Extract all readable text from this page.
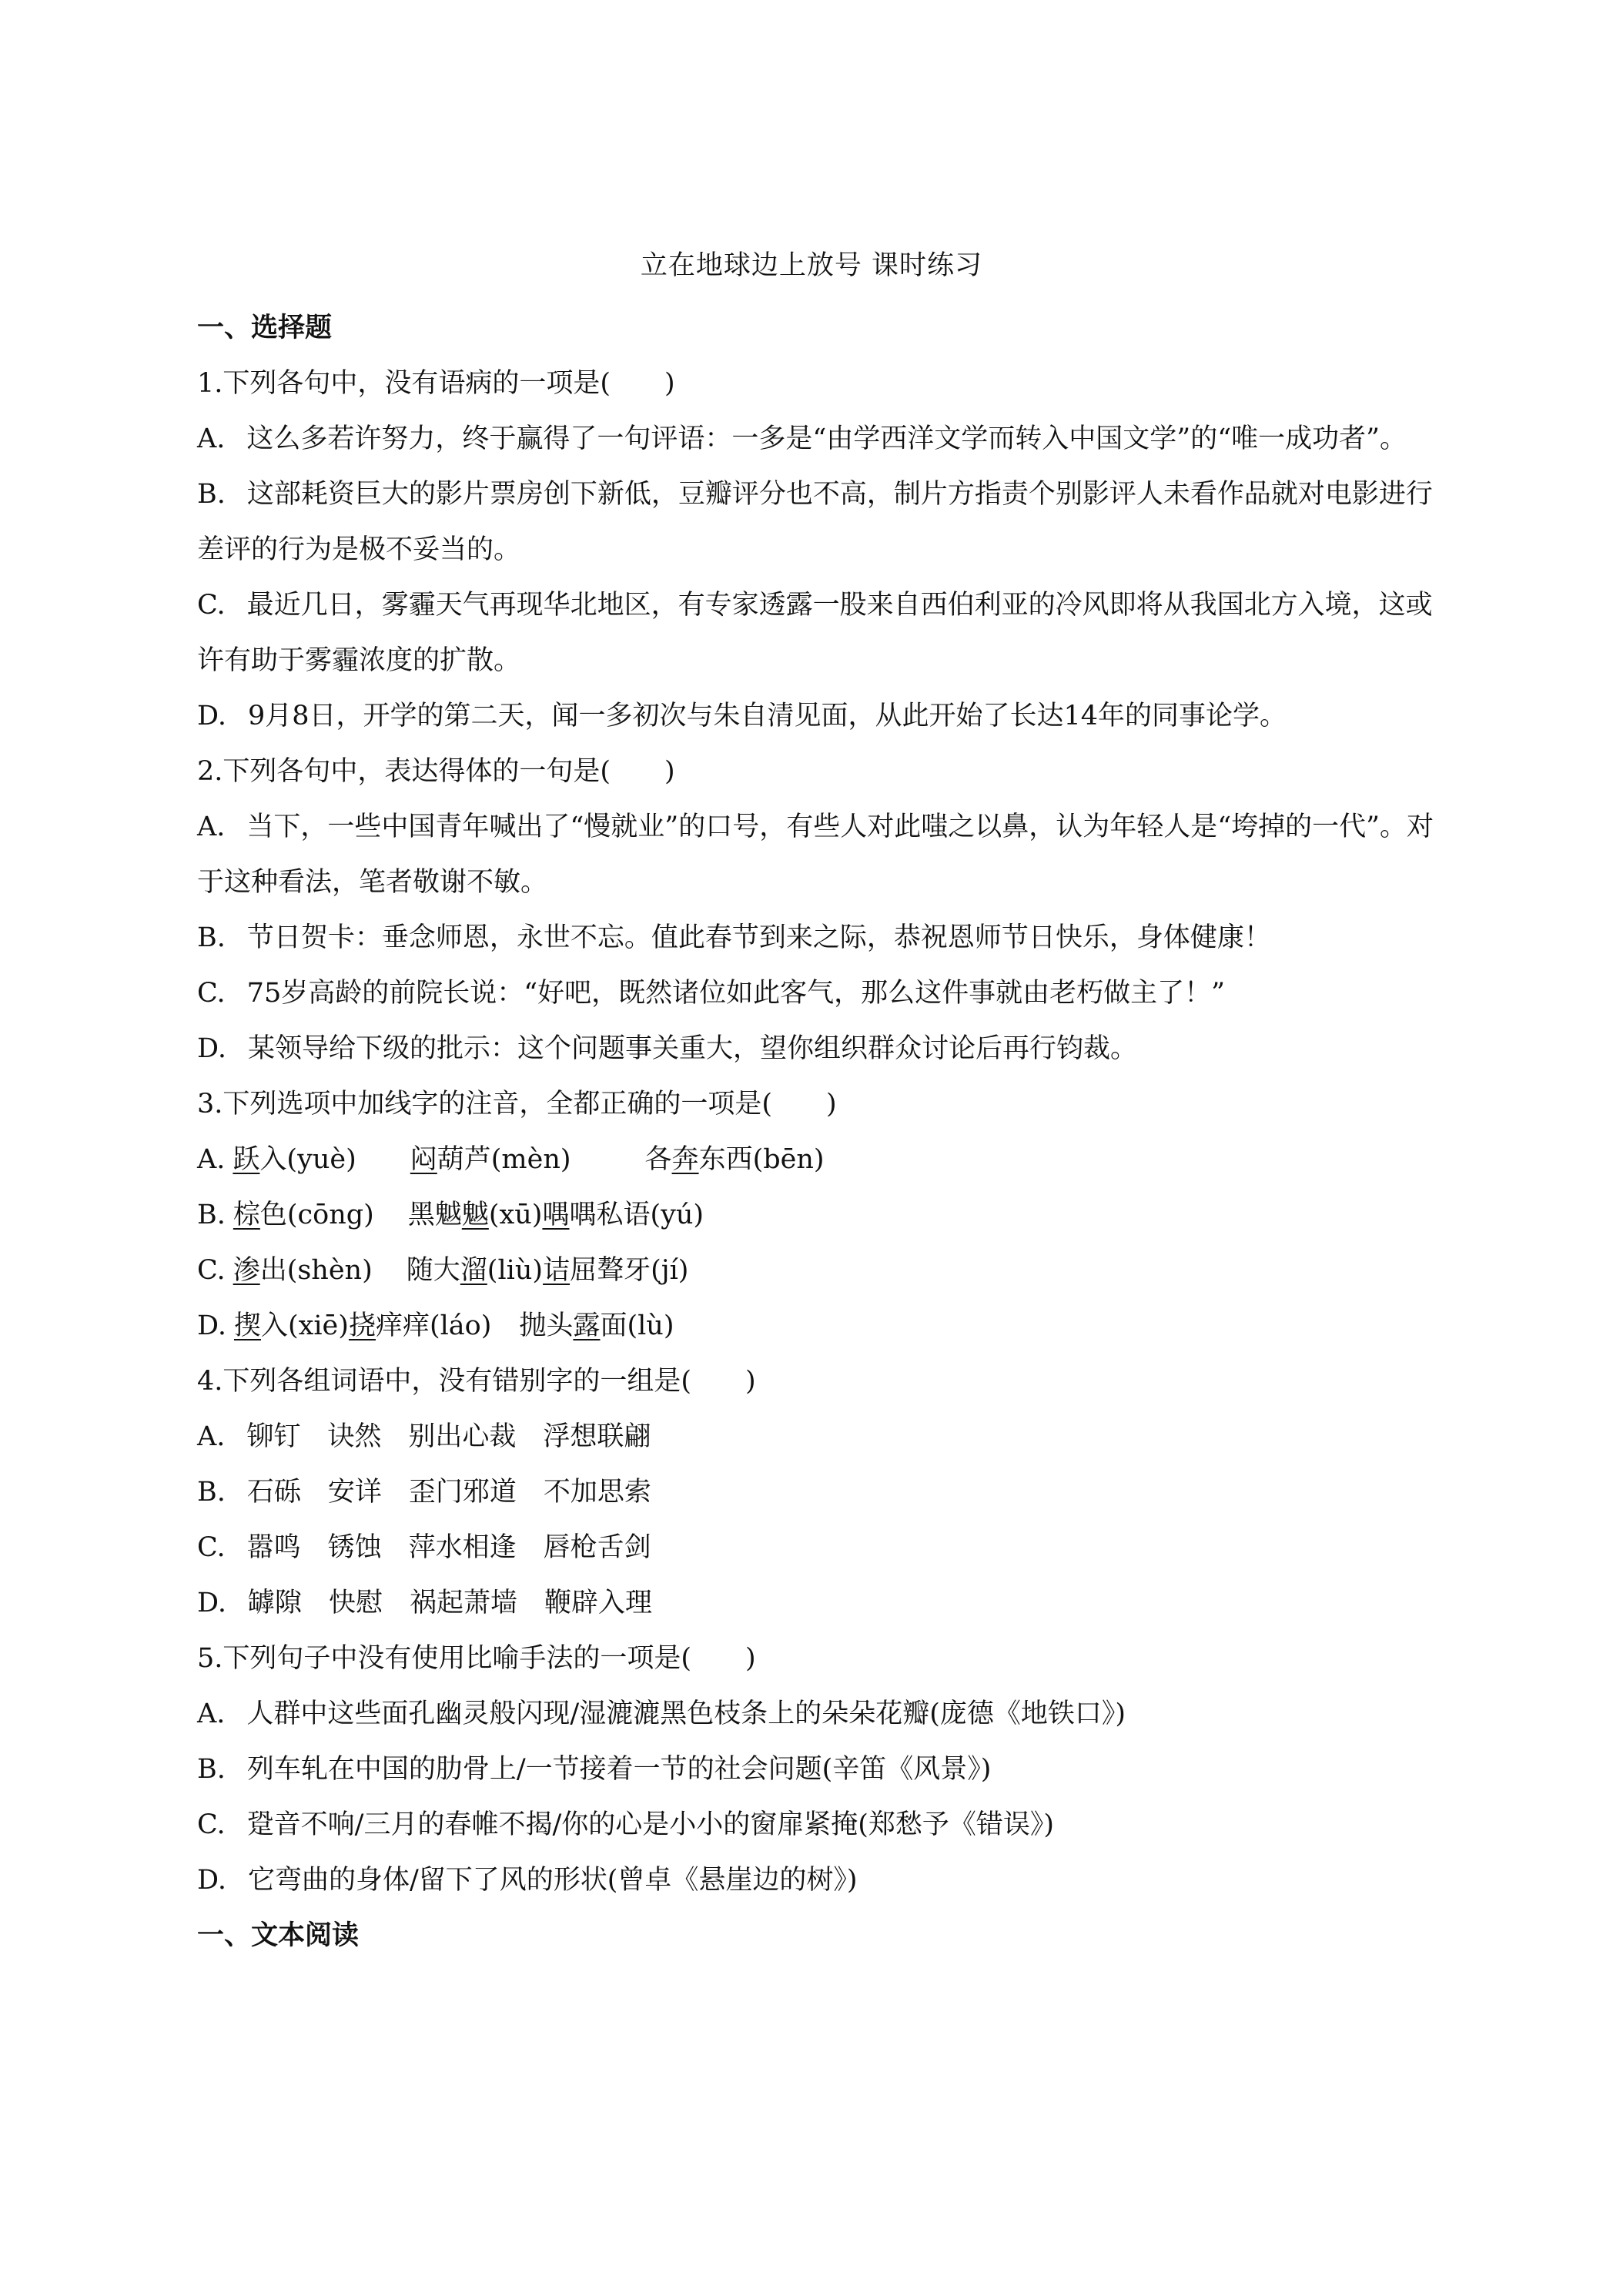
立在地球边上放号 课时练习
一、选择题
1.下列各句中，没有语病的一项是(　　)
A. 这么多若许努力，终于赢得了一句评语：一多是“由学西洋文学而转入中国文学”的“唯一成功者”。
B. 这部耗资巨大的影片票房创下新低，豆瓣评分也不高，制片方指责个别影评人未看作品就对电影进行差评的行为是极不妥当的。
C. 最近几日，雾霾天气再现华北地区，有专家透露一股来自西伯利亚的冷风即将从我国北方入境，这或许有助于雾霾浓度的扩散。
D. 9月8日，开学的第二天，闻一多初次与朱自清见面，从此开始了长达14年的同事论学。
2.下列各句中，表达得体的一句是(　　)
A. 当下，一些中国青年喊出了“慢就业”的口号，有些人对此嗤之以鼻，认为年轻人是“垮掉的一代”。对于这种看法，笔者敬谢不敏。
B. 节日贺卡：垂念师恩，永世不忘。值此春节到来之际，恭祝恩师节日快乐，身体健康！
C. 75岁高龄的前院长说：“好吧，既然诸位如此客气，那么这件事就由老朽做主了！”
D. 某领导给下级的批示：这个问题事关重大，望你组织群众讨论后再行钧裁。
3.下列选项中加线字的注音，全都正确的一项是(　　)
A. 跃入(yuè) 闷葫芦(mèn)	各奔东西(bēn)
B. 棕色(cōng) 黑魆魆(xū)喁喁私语(yú)
C. 渗出(shèn) 随大溜(liù)诘屈聱牙(jí)
D. 揳入(xiē)挠痒痒(láo) 抛头露面(lù)
4.下列各组词语中，没有错别字的一组是(　　)
A. 铆钉　诀然　别出心裁　浮想联翩
B. 石砾　安详　歪门邪道　不加思索
C. 嚣鸣　锈蚀　萍水相逢　唇枪舌剑
D. 罅隙　快慰　祸起萧墙　鞭辟入理
5.下列句子中没有使用比喻手法的一项是(　　)
A. 人群中这些面孔幽灵般闪现/湿漉漉黑色枝条上的朵朵花瓣(庞德《地铁口》)
B. 列车轧在中国的肋骨上/一节接着一节的社会问题(辛笛《风景》)
C. 跫音不响/三月的春帷不揭/你的心是小小的窗扉紧掩(郑愁予《错误》)
D. 它弯曲的身体/留下了风的形状(曾卓《悬崖边的树》)
一、文本阅读
